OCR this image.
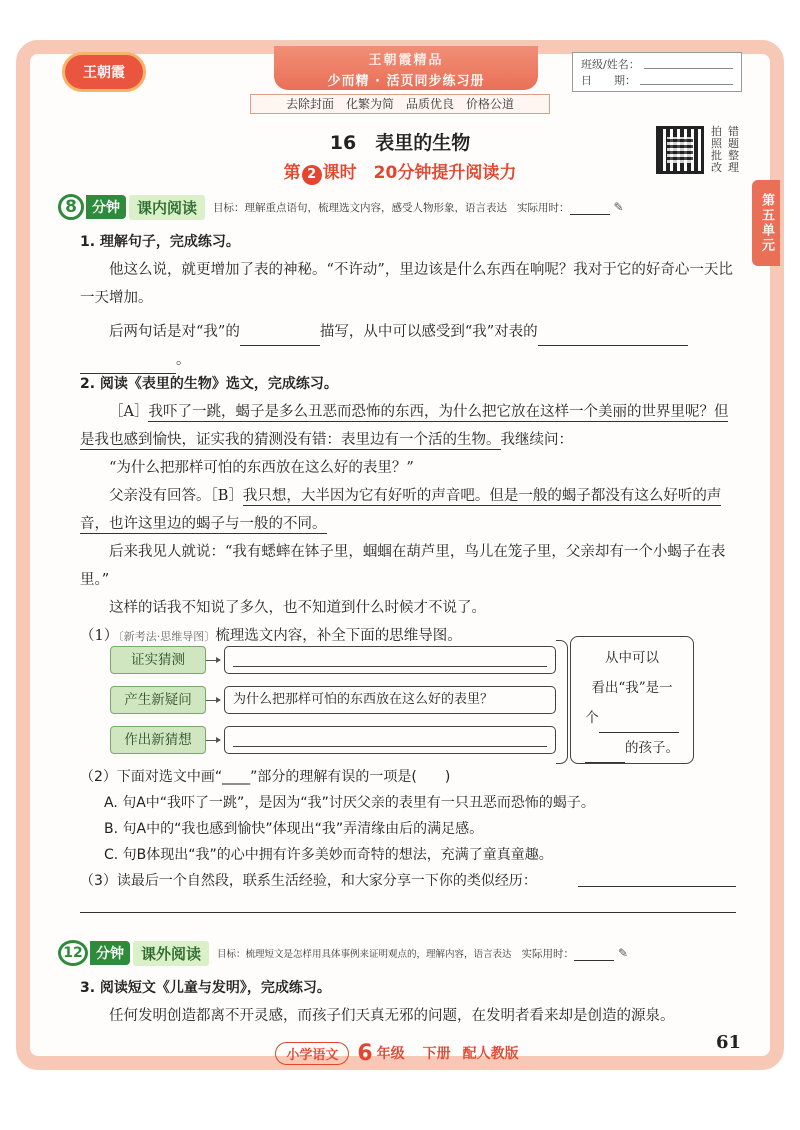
王朝霞
王朝霞精品
少而精 · 活页同步练习册
班级/姓名：
日　　期：
去除封面　化繁为简　品质优良　价格公道
16　 表里的生物
第 2 课时　20分钟提升阅读力
拍
照
批
改
错
题
整
理
第五单元
8	分钟	课内阅读	目标：理解重点语句，梳理选文内容，感受人物形象，语言表达 实际用时：	✎
1. 理解句子，完成练习。
他这么说，就更增加了表的神秘。“不许动”，里边该是什么东西在响呢？我对于它的好奇心一天比一天增加。
后两句话是对“我”的	描写，从中可以感受到“我”对表的
。
2. 阅读《表里的生物》选文，完成练习。
［A］我吓了一跳，蝎子是多么丑恶而恐怖的东西，为什么把它放在这样一个美丽的世界里呢？但是我也感到愉快，证实我的猜测没有错：表里边有一个活的生物。我继续问：
“为什么把那样可怕的东西放在这么好的表里？”
父亲没有回答。［B］我只想，大半因为它有好听的声音吧。但是一般的蝎子都没有这么好听的声音，也许这里边的蝎子与一般的不同。
后来我见人就说：“我有蟋蟀在钵子里，蝈蝈在葫芦里，鸟儿在笼子里，父亲却有一个小蝎子在表里。”
这样的话我不知说了多久，也不知道到什么时候才不说了。
（1）〔新考法·思维导图〕梳理选文内容，补全下面的思维导图。
证实猜测
产生新疑问	为什么把那样可怕的东西放在这么好的表里？
作出新猜想
从中可以
看出“我”是一
个
的孩子。
（2）下面对选文中画“____”部分的理解有误的一项是(　　)
A. 句A中“我吓了一跳”，是因为“我”讨厌父亲的表里有一只丑恶而恐怖的蝎子。
B. 句A中的“我也感到愉快”体现出“我”弄清缘由后的满足感。
C. 句B体现出“我”的心中拥有许多美妙而奇特的想法，充满了童真童趣。
（3）读最后一个自然段，联系生活经验，和大家分享一下你的类似经历：
12 分钟	课外阅读	目标：梳理短文是怎样用具体事例来证明观点的，理解内容，语言表达 实际用时：	✎
3. 阅读短文《儿童与发明》，完成练习。
任何发明创造都离不开灵感，而孩子们天真无邪的问题，在发明者看来却是创造的源泉。
小学语文 6 年级 下册 配人教版
61
